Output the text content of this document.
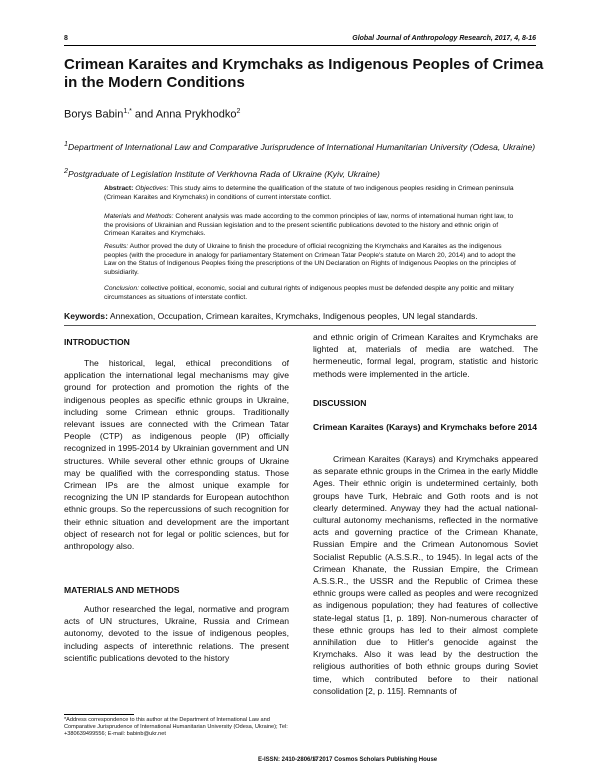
8	Global Journal of Anthropology Research, 2017, 4, 8-16
Crimean Karaites and Krymchaks as Indigenous Peoples of Crimea in the Modern Conditions
Borys Babin$^{1,*}$ and Anna Prykhodko$^2$
$^1$Department of International Law and Comparative Jurisprudence of International Humanitarian University (Odesa, Ukraine)
$^2$Postgraduate of Legislation Institute of Verkhovna Rada of Ukraine (Kyiv, Ukraine)
Abstract: Objectives: This study aims to determine the qualification of the statute of two indigenous peoples residing in Crimean peninsula (Crimean Karaites and Krymchaks) in conditions of current interstate conflict.
Materials and Methods: Coherent analysis was made according to the common principles of law, norms of international human right law, to the provisions of Ukrainian and Russian legislation and to the present scientific publications devoted to the history and ethnic origin of Crimean Karaites and Krymchaks.
Results: Author proved the duty of Ukraine to finish the procedure of official recognizing the Krymchaks and Karaites as the indigenous peoples (with the procedure in analogy for parliamentary Statement on Crimean Tatar People's statute on March 20, 2014) and to adopt the Law on the Status of Indigenous Peoples fixing the prescriptions of the UN Declaration on Rights of Indigenous Peoples on the principles of subsidiarity.
Conclusion: collective political, economic, social and cultural rights of indigenous peoples must be defended despite any politic and military circumstances as situations of interstate conflict.
Keywords: Annexation, Occupation, Crimean karaites, Krymchaks, Indigenous peoples, UN legal standards.
INTRODUCTION

The historical, legal, ethical preconditions of application the international legal mechanisms may give ground for protection and promotion the rights of the indigenous peoples as specific ethnic groups in Ukraine, including some Crimean ethnic groups. Traditionally relevant issues are connected with the Crimean Tatar People (CTP) as indigenous people (IP) officially recognized in 1995-2014 by Ukrainian government and UN structures. While several other ethnic groups of Ukraine may be qualified with the corresponding status. Those Crimean IPs are the almost unique example for recognizing the UN IP standards for European autochthon ethnic groups. So the repercussions of such recognition for their ethnic situation and development are the important object of research not for legal or politic sciences, but for anthropology also.

MATERIALS AND METHODS

Author researched the legal, normative and program acts of UN structures, Ukraine, Russia and Crimean autonomy, devoted to the issue of indigenous peoples, including aspects of interethnic relations. The present scientific publications devoted to the history

*Address correspondence to this author at the Department of International Law and Comparative Jurisprudence of International Humanitarian University (Odesa, Ukraine); Tel: +380639499556; E-mail: babinb@ukr.net

and ethnic origin of Crimean Karaites and Krymchaks are lighted at, materials of media are watched. The hermeneutic, formal legal, program, statistic and historic methods were implemented in the article.

DISCUSSION
Crimean Karaites (Karays) and Krymchaks before 2014

Crimean Karaites (Karays) and Krymchaks appeared as separate ethnic groups in the Crimea in the early Middle Ages. Their ethnic origin is undetermined certainly, both groups have Turk, Hebraic and Goth roots and is not clearly determined. Anyway they had the actual national-cultural autonomy mechanisms, reflected in the normative acts and governing practice of the Crimean Khanate, Russian Empire and the Crimean Autonomous Soviet Socialist Republic (A.S.S.R., to 1945). In legal acts of the Crimean Khanate, the Russian Empire, the Crimean A.S.S.R., the USSR and the Republic of Crimea these ethnic groups were called as peoples and were recognized as indigenous population; they had features of collective state-legal status [1, p. 189]. Non-numerous character of these ethnic groups has led to their almost complete annihilation due to Hitler's genocide against the Krymchaks. Also it was lead by the destruction the religious authorities of both ethnic groups during Soviet time, which contributed before to their national consolidation [2, p. 115]. Remnants of

E-ISSN: 2410-2806/17
© 2017 Cosmos Scholars Publishing House
